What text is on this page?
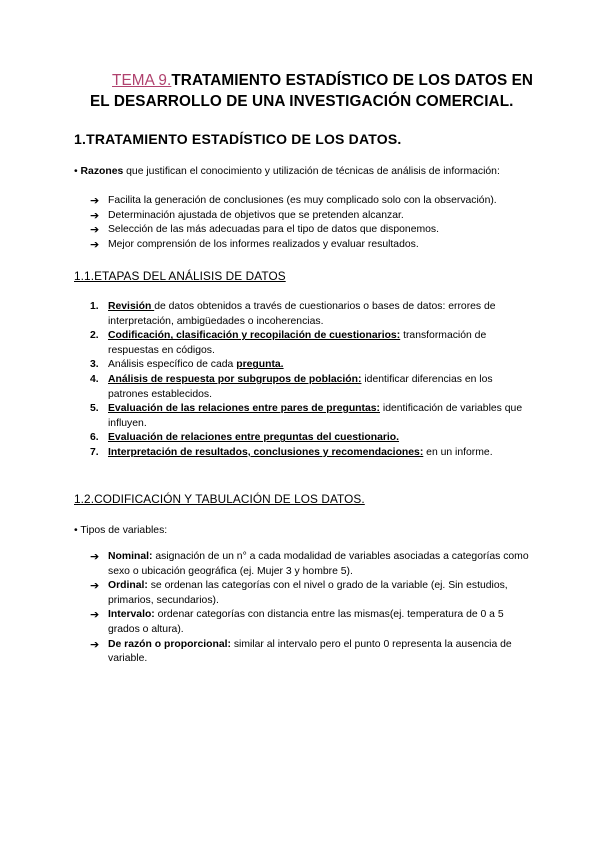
TEMA 9.TRATAMIENTO ESTADÍSTICO DE LOS DATOS EN EL DESARROLLO DE UNA INVESTIGACIÓN COMERCIAL.
1.TRATAMIENTO ESTADÍSTICO DE LOS DATOS.
• Razones que justifican el conocimiento y utilización de técnicas de análisis de información:
➔ Facilita la generación de conclusiones (es muy complicado solo con la observación).
➔ Determinación ajustada de objetivos que se pretenden alcanzar.
➔ Selección de las más adecuadas para el tipo de datos que disponemos.
➔ Mejor comprensión de los informes realizados y evaluar resultados.
1.1.ETAPAS DEL ANÁLISIS DE DATOS
1. Revisión de datos obtenidos a través de cuestionarios o bases de datos: errores de interpretación, ambigüedades o incoherencias.
2. Codificación, clasificación y recopilación de cuestionarios: transformación de respuestas en códigos.
3. Análisis específico de cada pregunta.
4. Análisis de respuesta por subgrupos de población: identificar diferencias en los patrones establecidos.
5. Evaluación de las relaciones entre pares de preguntas: identificación de variables que influyen.
6. Evaluación de relaciones entre preguntas del cuestionario.
7. Interpretación de resultados, conclusiones y recomendaciones: en un informe.
1.2.CODIFICACIÓN Y TABULACIÓN DE LOS DATOS.
• Tipos de variables:
➔ Nominal: asignación de un n° a cada modalidad de variables asociadas a categorías como sexo o ubicación geográfica (ej. Mujer 3 y hombre 5).
➔ Ordinal: se ordenan las categorías con el nivel o grado de la variable (ej. Sin estudios, primarios, secundarios).
➔ Intervalo: ordenar categorías con distancia entre las mismas(ej. temperatura de 0 a 5 grados o altura).
➔ De razón o proporcional: similar al intervalo pero el punto 0 representa la ausencia de variable.
